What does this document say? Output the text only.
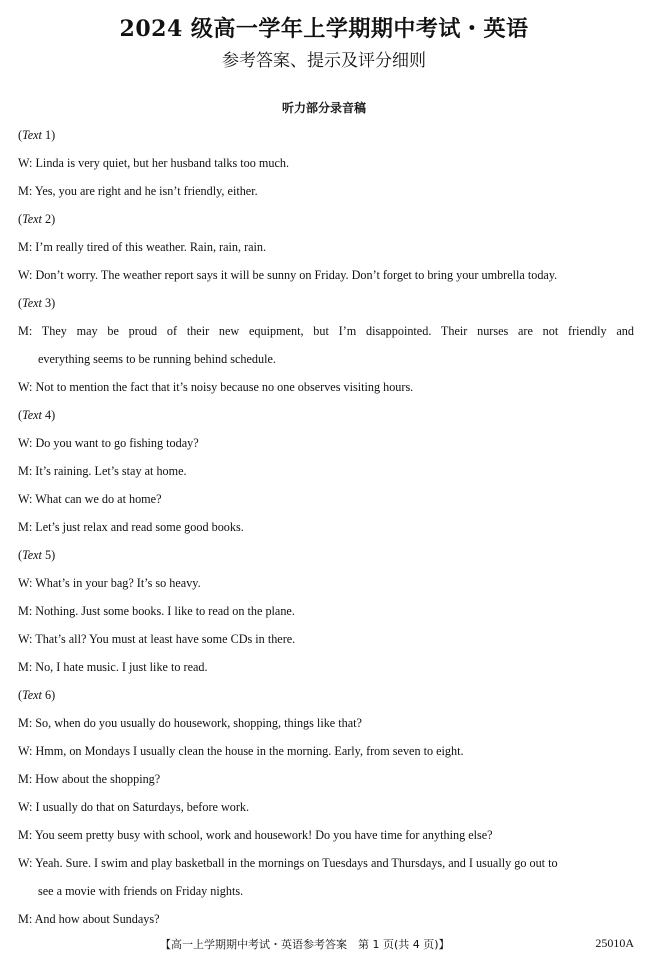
2024 级高一学年上学期期中考试・英语
参考答案、提示及评分细则
听力部分录音稿
(Text 1)
W: Linda is very quiet, but her husband talks too much.
M: Yes, you are right and he isn’t friendly, either.
(Text 2)
M: I’m really tired of this weather. Rain, rain, rain.
W: Don’t worry. The weather report says it will be sunny on Friday. Don’t forget to bring your umbrella today.
(Text 3)
M: They may be proud of their new equipment, but I’m disappointed. Their nurses are not friendly and
everything seems to be running behind schedule.
W: Not to mention the fact that it’s noisy because no one observes visiting hours.
(Text 4)
W: Do you want to go fishing today?
M: It’s raining. Let’s stay at home.
W: What can we do at home?
M: Let’s just relax and read some good books.
(Text 5)
W: What’s in your bag? It’s so heavy.
M: Nothing. Just some books. I like to read on the plane.
W: That’s all? You must at least have some CDs in there.
M: No, I hate music. I just like to read.
(Text 6)
M: So, when do you usually do housework, shopping, things like that?
W: Hmm, on Mondays I usually clean the house in the morning. Early, from seven to eight.
M: How about the shopping?
W: I usually do that on Saturdays, before work.
M: You seem pretty busy with school, work and housework! Do you have time for anything else?
W: Yeah. Sure. I swim and play basketball in the mornings on Tuesdays and Thursdays, and I usually go out to
see a movie with friends on Friday nights.
M: And how about Sundays?
【高一上学期期中考试・英语参考答案　第 1 页(共 4 页)】	25010A
